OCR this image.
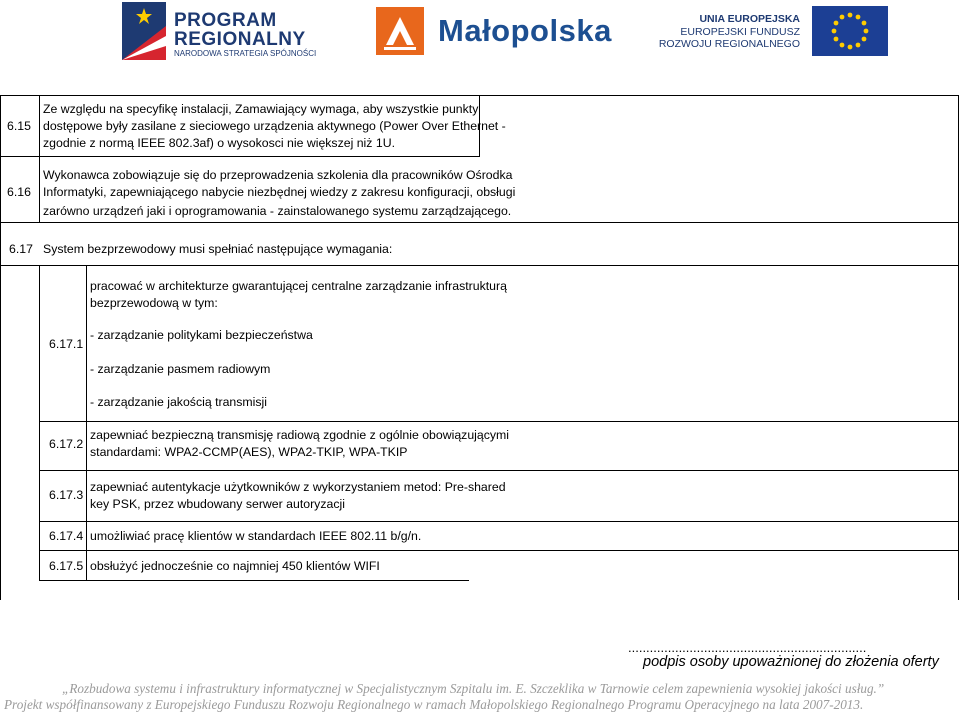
PROGRAM
REGIONALNY
NARODOWA STRATEGIA SPÓJNOŚCI
Małopolska	UNIA EUROPEJSKA
EUROPEJSKI FUNDUSZ
ROZWOJU REGIONALNEGO
6.15
Ze względu na specyfikę instalacji, Zamawiający wymaga, aby wszystkie punkty
dostępowe były zasilane z sieciowego urządzenia aktywnego (Power Over Ethernet -
zgodnie z normą IEEE 802.3af) o wysokosci nie większej niż 1U.
6.16
Wykonawca zobowiązuje się do przeprowadzenia szkolenia dla pracowników Ośrodka
Informatyki, zapewniającego nabycie niezbędnej wiedzy z zakresu konfiguracji, obsługi
zarówno urządzeń jaki i oprogramowania - zainstalowanego systemu zarządzającego.
6.17 System bezprzewodowy musi spełniać następujące wymagania:
6.17.1
pracować w architekturze gwarantującej centralne zarządzanie infrastrukturą
bezprzewodową w tym:
- zarządzanie politykami bezpieczeństwa
- zarządzanie pasmem radiowym
- zarządzanie jakością transmisji
6.17.2
zapewniać bezpieczną transmisję radiową zgodnie z ogólnie obowiązującymi
standardami: WPA2-CCMP(AES), WPA2-TKIP, WPA-TKIP
6.17.3
zapewniać autentykacje użytkowników z wykorzystaniem metod: Pre-shared
key PSK, przez wbudowany serwer autoryzacji
6.17.4 umożliwiać pracę klientów w standardach IEEE 802.11 b/g/n.
6.17.5 obsłużyć jednocześnie co najmniej 450 klientów WIFI
..................................................................
podpis osoby upoważnionej do złożenia oferty
„Rozbudowa systemu i infrastruktury informatycznej w Specjalistycznym Szpitalu im. E. Szczeklika w Tarnowie celem zapewnienia wysokiej jakości usług.”
Projekt współfinansowany z Europejskiego Funduszu Rozwoju Regionalnego w ramach Małopolskiego Regionalnego Programu Operacyjnego na lata 2007-2013.
